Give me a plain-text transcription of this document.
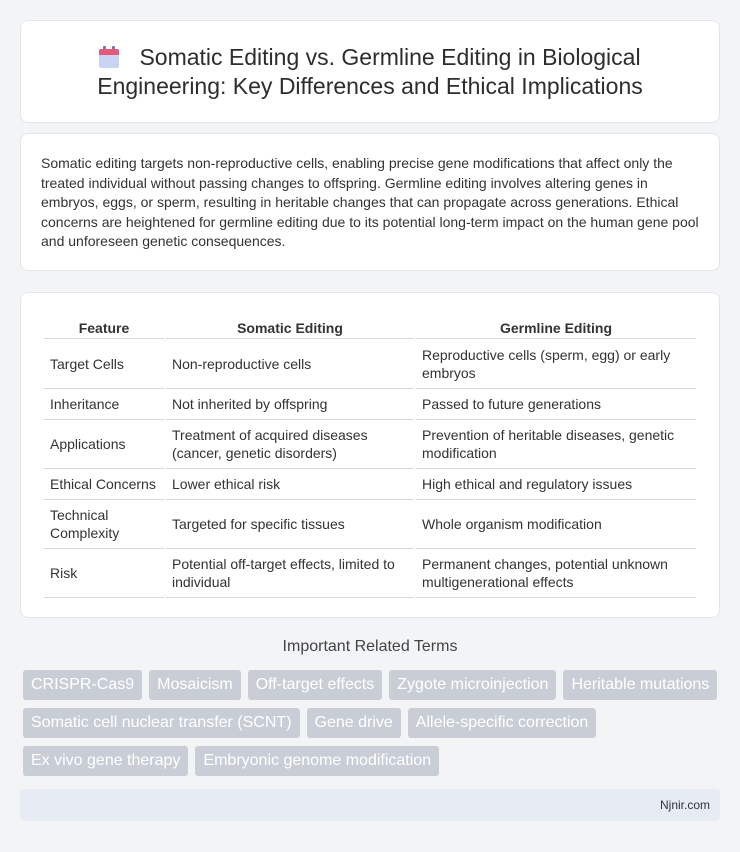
Somatic Editing vs. Germline Editing in Biological Engineering: Key Differences and Ethical Implications

Somatic editing targets non-reproductive cells, enabling precise gene modifications that affect only the treated individual without passing changes to offspring. Germline editing involves altering genes in embryos, eggs, or sperm, resulting in heritable changes that can propagate across generations. Ethical concerns are heightened for germline editing due to its potential long-term impact on the human gene pool and unforeseen genetic consequences.

Feature	Somatic Editing	Germline Editing
Target Cells	Non-reproductive cells	Reproductive cells (sperm, egg) or early embryos
Inheritance	Not inherited by offspring	Passed to future generations
Applications	Treatment of acquired diseases (cancer, genetic disorders)	Prevention of heritable diseases, genetic modification
Ethical Concerns	Lower ethical risk	High ethical and regulatory issues
Technical Complexity	Targeted for specific tissues	Whole organism modification
Risk	Potential off-target effects, limited to individual	Permanent changes, potential unknown multigenerational effects
Important Related Terms
CRISPR-Cas9	Mosaicism	Off-target effects	Zygote microinjection	Heritable mutations
Somatic cell nuclear transfer (SCNT)	Gene drive	Allele-specific correction
Ex vivo gene therapy	Embryonic genome modification
Njnir.com
